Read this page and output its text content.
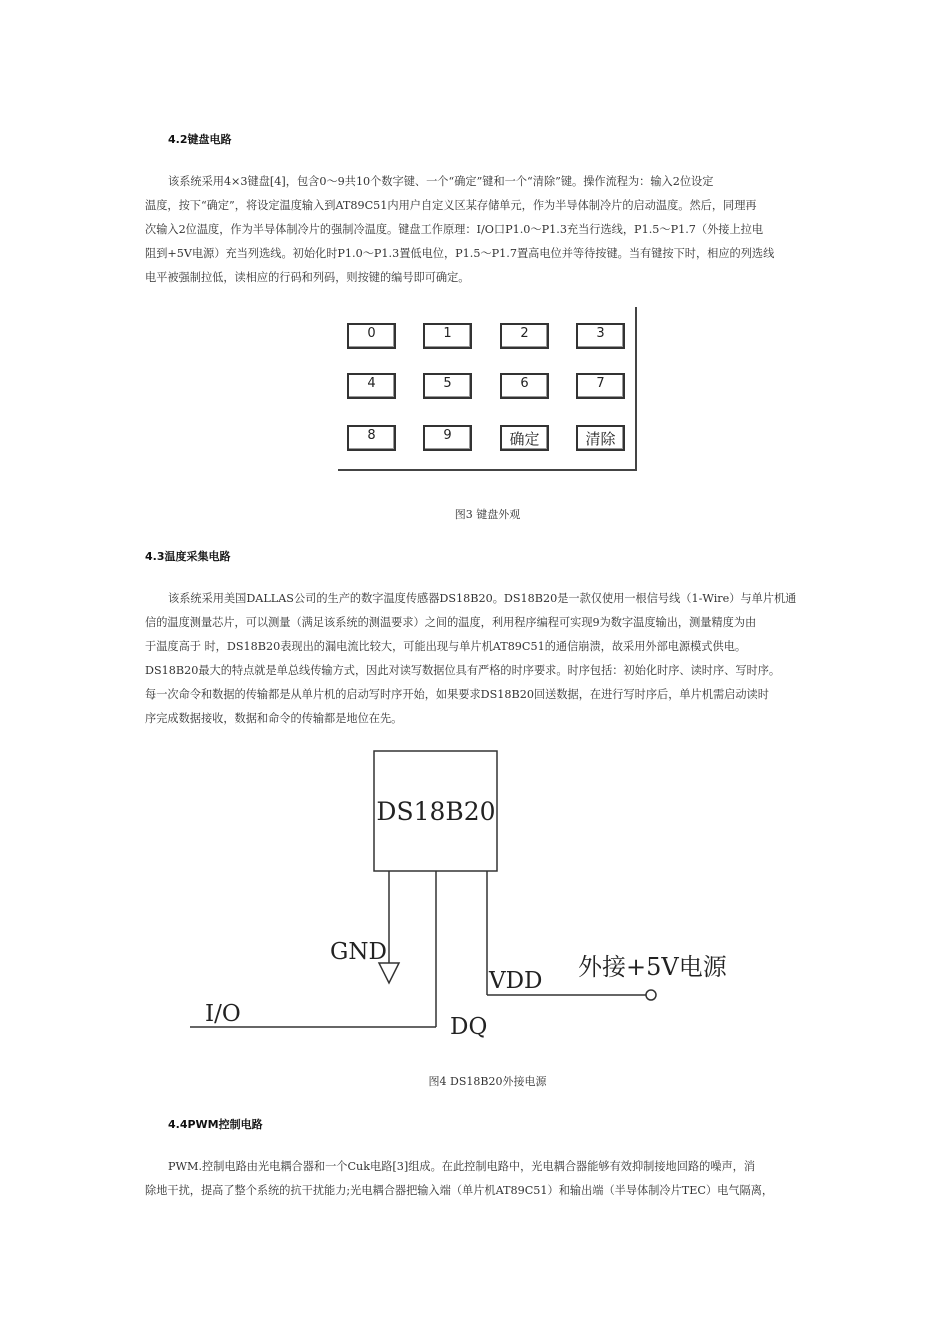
4.2键盘电路
该系统采用4×3键盘[4]，包含0～9共10个数字键、一个“确定”键和一个“清除”键。操作流程为：输入2位设定
温度，按下“确定”，将设定温度输入到AT89C51内用户自定义区某存储单元，作为半导体制冷片的启动温度。然后，同理再
次输入2位温度，作为半导体制冷片的强制冷温度。键盘工作原理：I/O口P1.0～P1.3充当行选线，P1.5～P1.7（外接上拉电
阻到+5V电源）充当列选线。初始化时P1.0～P1.3置低电位，P1.5～P1.7置高电位并等待按键。当有键按下时，相应的列选线
电平被强制拉低，读相应的行码和列码，则按键的编号即可确定。
0	1	2	3
4	5	6	7
8	9	确定	清除
图3 键盘外观
4.3温度采集电路
该系统采用美国DALLAS公司的生产的数字温度传感器DS18B20。DS18B20是一款仅使用一根信号线（1-Wire）与单片机通
信的温度测量芯片，可以测量（满足该系统的测温要求）之间的温度，利用程序编程可实现9为数字温度输出，测量精度为由
于温度高于 时，DS18B20表现出的漏电流比较大，可能出现与单片机AT89C51的通信崩溃，故采用外部电源模式供电。
DS18B20最大的特点就是单总线传输方式，因此对读写数据位具有严格的时序要求。时序包括：初始化时序、读时序、写时序。
每一次命令和数据的传输都是从单片机的启动写时序开始，如果要求DS18B20回送数据，在进行写时序后，单片机需启动读时
序完成数据接收，数据和命令的传输都是地位在先。
DS18B20
GND
I/O	DQ
VDD 外接+5V电源
图4 DS18B20外接电源
4.4PWM控制电路
PWM.控制电路由光电耦合器和一个Cuk电路[3]组成。在此控制电路中，光电耦合器能够有效抑制接地回路的噪声，消
除地干扰，提高了整个系统的抗干扰能力;光电耦合器把输入端（单片机AT89C51）和输出端（半导体制冷片TEC）电气隔离，
